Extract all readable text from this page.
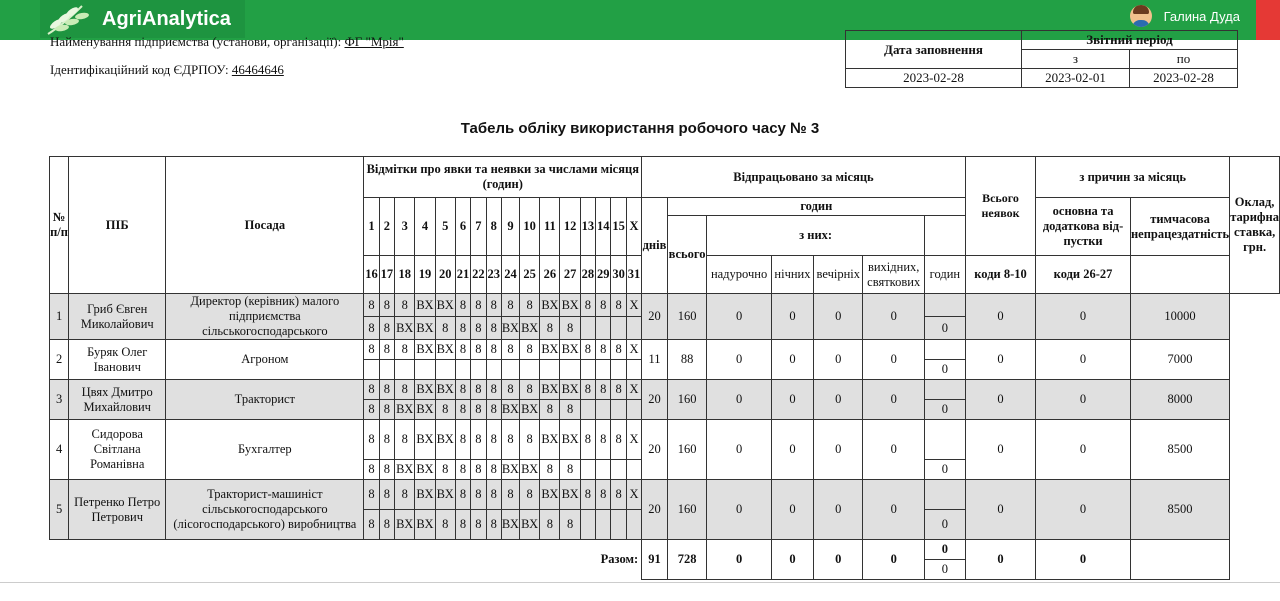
AgriAnalytica	Галина Дуда
Найменування підприємства (установи, організації): ФГ "Мрія"
Ідентифікаційний код ЄДРПОУ: 46464646
Дата заповнення	Звітний період	
	з	по
2023-02-28	2023-02-01	2023-02-28
Табель обліку використання робочого часу № 3
№ п/п	ПІБ	Посада	Відмітки про явки та неявки за числами місяця (годин)																Відпрацьовано за місяць							Всього неявок	з причин за місяць		Оклад, тарифна ставка, грн.
			1	2	3	4	5	6	7	8	9	10	11	12	13	14	15	Х	днів	годин							основна та додаткова від-пустки	тимчасова непрацездатність	
																				всього	з них:								
			16	17	18	19	20	21	22	23	24	25	26	27	28	29	30	31			надурочно	нічних	вечірніх	вихідних, святкових	годин	коди 8-10	коди 26-27		
1	Гриб Євген Миколайович	Директор (керівник) малого підприємства сільськогосподарського	8	8	8	ВХ	ВХ	8	8	8	8	8	ВХ	ВХ	8	8	8	Х	20	160	0	0	0	0		0	0	10000	
			8	8	ВХ	ВХ	8	8	8	8	ВХ	ВХ	8	8											0				
2	Буряк Олег Іванович	Агроном	8	8	8	ВХ	ВХ	8	8	8	8	8	ВХ	ВХ	8	8	8	Х	11	88	0	0	0	0		0	0	7000	
																									0				
3	Цвях Дмитро Михайлович	Тракторист	8	8	8	ВХ	ВХ	8	8	8	8	8	ВХ	ВХ	8	8	8	Х	20	160	0	0	0	0		0	0	8000	
			8	8	ВХ	ВХ	8	8	8	8	ВХ	ВХ	8	8											0				
4	Сидорова Світлана Романівна	Бухгалтер	8	8	8	ВХ	ВХ	8	8	8	8	8	ВХ	ВХ	8	8	8	Х	20	160	0	0	0	0		0	0	8500	
			8	8	ВХ	ВХ	8	8	8	8	ВХ	ВХ	8	8											0				
5	Петренко Петро Петрович	Тракторист-машиніст сільськогосподарського (лісогосподарського) виробництва	8	8	8	ВХ	ВХ	8	8	8	8	8	ВХ	ВХ	8	8	8	Х	20	160	0	0	0	0		0	0	8500	
			8	8	ВХ	ВХ	8	8	8	8	ВХ	ВХ	8	8											0				
Разом:																			91	728	0	0	0	0	0	0	0		
																									0				
